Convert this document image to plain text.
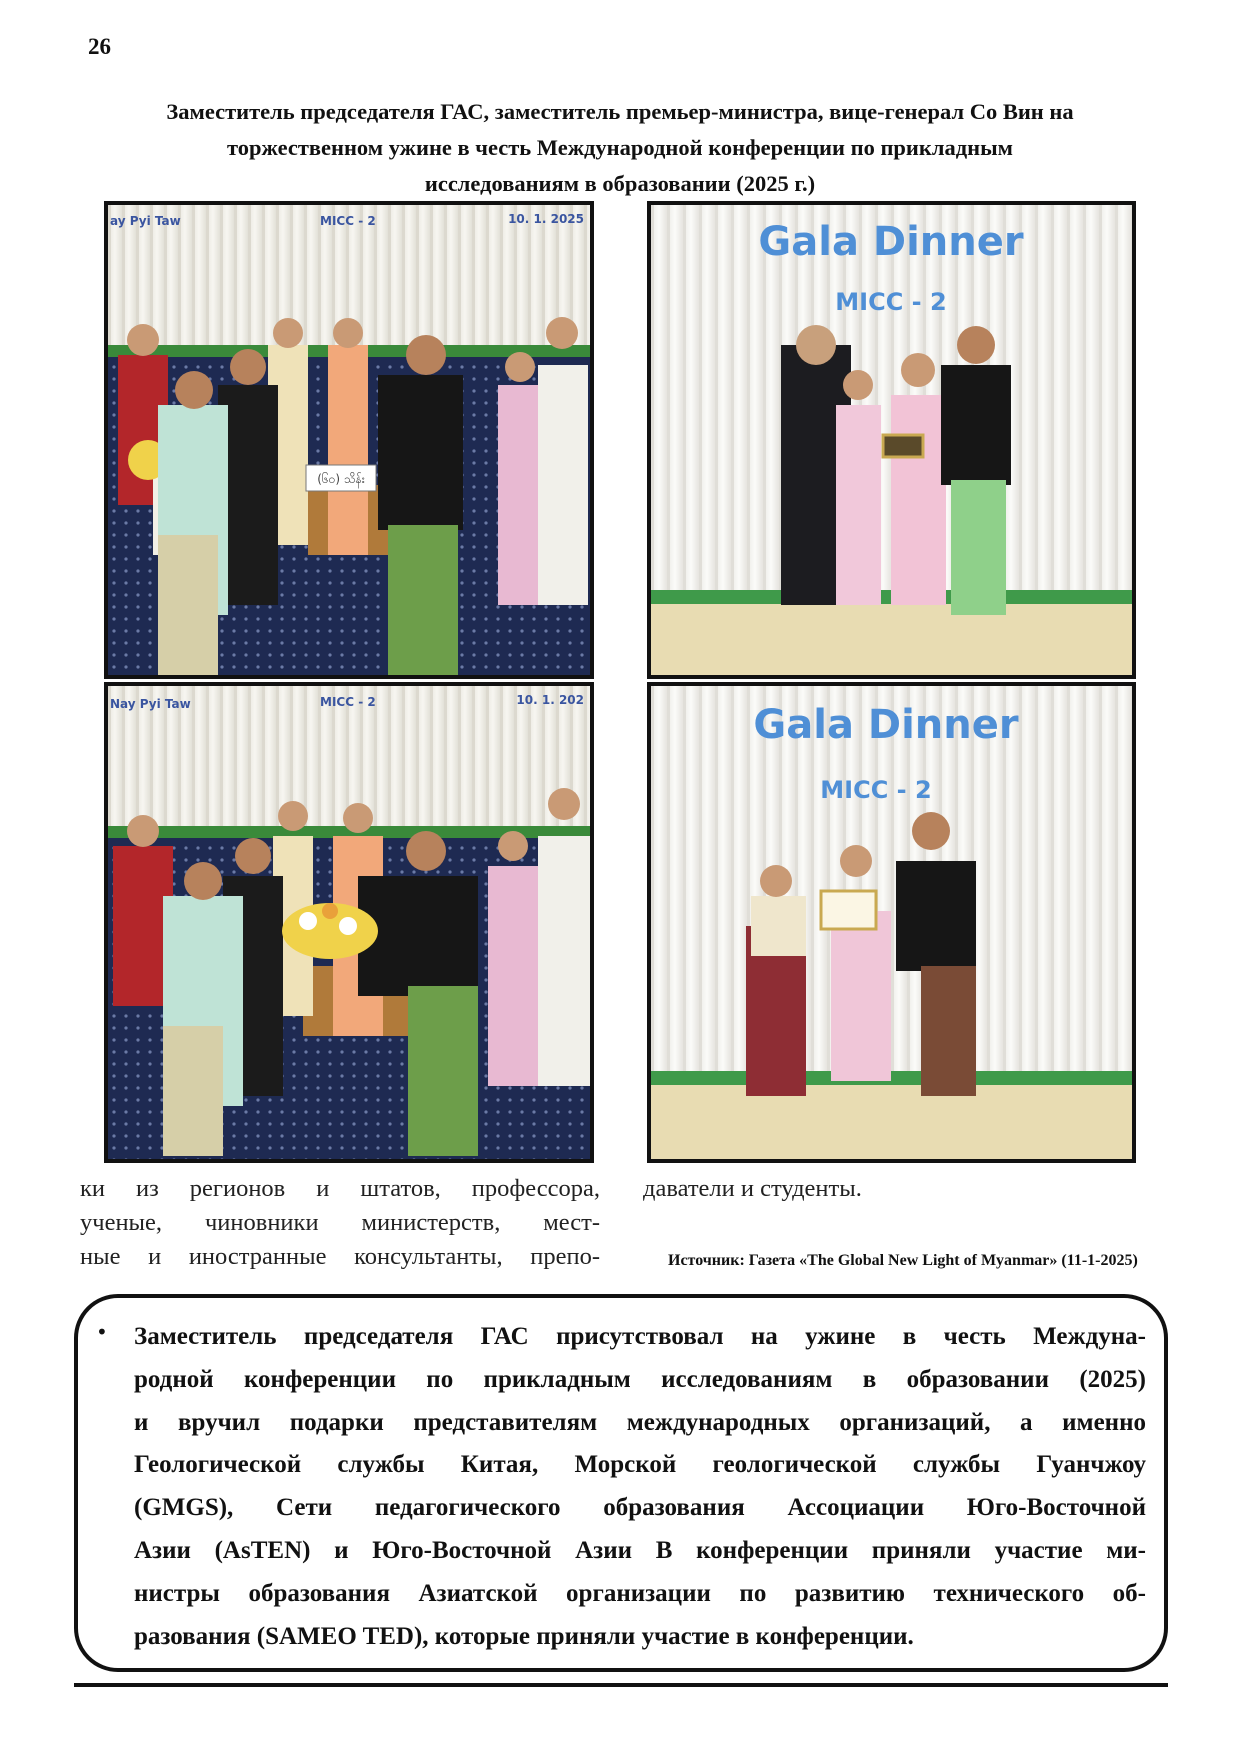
26
Заместитель председателя ГАС, заместитель премьер-министра, вице-генерал Со Вин на
торжественном ужине в честь Международной конференции по прикладным
исследованиям в образовании (2025 г.)
(၆၀) သိန်း
ay Pyi Taw	MICC - 2	10. 1. 2025	Gala Dinner
MICC - 2
Nay Pyi Taw	MICC - 2	10. 1. 202
Gala Dinner
MICC - 2
ки из регионов и штатов, профессора,
ученые, чиновники министерств, мест-
ные и иностранные консультанты, препо-
даватели и студенты.
Источник: Газета «The Global New Light of Myanmar» (11-1-2025)
• Заместитель председателя ГАС присутствовал на ужине в честь Междуна-
родной конференции по прикладным исследованиям в образовании (2025)
и вручил подарки представителям международных организаций, а именно
Геологической службы Китая, Морской геологической службы Гуанчжоу
(GMGS), Сети педагогического образования Ассоциации Юго-Восточной
Азии (AsTEN) и Юго-Восточной Азии В конференции приняли участие ми-
нистры образования Азиатской организации по развитию технического об-
разования (SAMEO TED), которые приняли участие в конференции.
